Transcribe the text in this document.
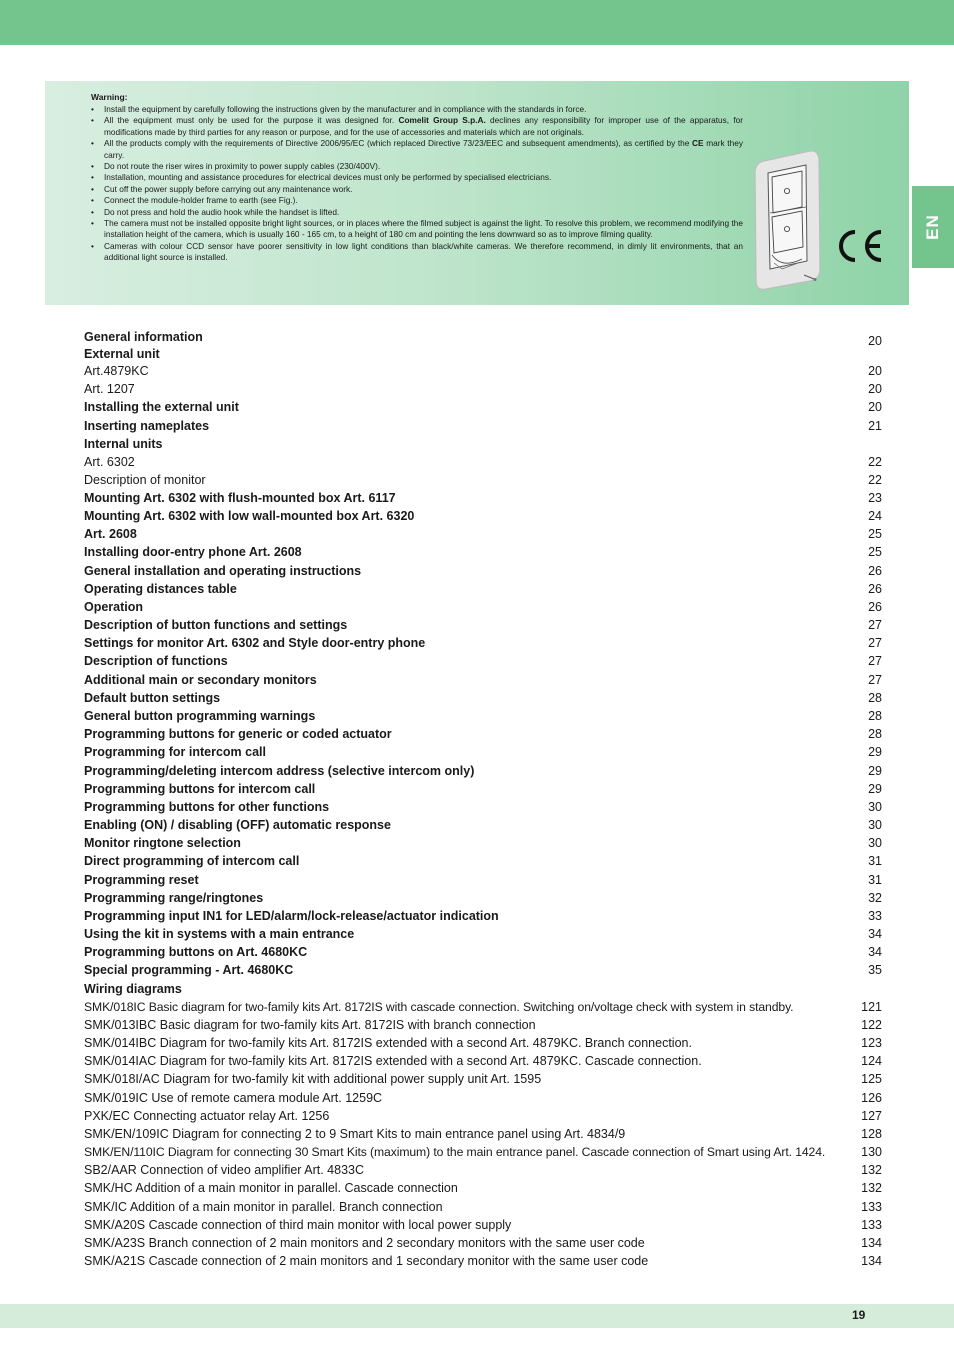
Warning:
• Install the equipment by carefully following the instructions given by the manufacturer and in compliance with the standards in force.
• All the equipment must only be used for the purpose it was designed for. Comelit Group S.p.A. declines any responsibility for improper use of the apparatus, for modifications made by third parties for any reason or purpose, and for the use of accessories and materials which are not originals.
• All the products comply with the requirements of Directive 2006/95/EC (which replaced Directive 73/23/EEC and subsequent amendments), as certified by the CE mark they carry.
• Do not route the riser wires in proximity to power supply cables (230/400V).
• Installation, mounting and assistance procedures for electrical devices must only be performed by specialised electricians.
• Cut off the power supply before carrying out any maintenance work.
• Connect the module-holder frame to earth (see Fig.).
• Do not press and hold the audio hook while the handset is lifted.
• The camera must not be installed opposite bright light sources, or in places where the filmed subject is against the light. To resolve this problem, we recommend modifying the installation height of the camera, which is usually 160 - 165 cm, to a height of 180 cm and pointing the lens downward so as to improve filming quality.
• Cameras with colour CCD sensor have poorer sensitivity in low light conditions than black/white cameras. We therefore recommend, in dimly lit environments, that an additional light source is installed.
EN
General information	20
External unit
Art.4879KC	20
Art. 1207	20
Installing the external unit	20
Inserting nameplates	21
Internal units
Art. 6302	22
Description of monitor	22
Mounting Art. 6302 with flush-mounted box Art. 6117	23
Mounting Art. 6302 with low wall-mounted box Art. 6320	24
Art. 2608	25
Installing door-entry phone Art. 2608	25
General installation and operating instructions	26
Operating distances table	26
Operation	26
Description of button functions and settings	27
Settings for monitor Art. 6302 and Style door-entry phone	27
Description of functions	27
Additional main or secondary monitors	27
Default button settings	28
General button programming warnings	28
Programming buttons for generic or coded actuator	28
Programming for intercom call	29
Programming/deleting intercom address (selective intercom only)	29
Programming buttons for intercom call	29
Programming buttons for other functions	30
Enabling (ON) / disabling (OFF) automatic response	30
Monitor ringtone selection	30
Direct programming of intercom call	31
Programming reset	31
Programming range/ringtones	32
Programming input IN1 for LED/alarm/lock-release/actuator indication	33
Using the kit in systems with a main entrance	34
Programming buttons on Art. 4680KC	34
Special programming - Art. 4680KC	35
Wiring diagrams
SMK/018IC Basic diagram for two-family kits Art. 8172IS with cascade connection. Switching on/voltage check with system in standby.	121
SMK/013IBC Basic diagram for two-family kits Art. 8172IS with branch connection	122
SMK/014IBC Diagram for two-family kits Art. 8172IS extended with a second Art. 4879KC. Branch connection.	123
SMK/014IAC Diagram for two-family kits Art. 8172IS extended with a second Art. 4879KC. Cascade connection.	124
SMK/018I/AC Diagram for two-family kit with additional power supply unit Art. 1595	125
SMK/019IC Use of remote camera module Art. 1259C	126
PXK/EC Connecting actuator relay Art. 1256	127
SMK/EN/109IC Diagram for connecting 2 to 9 Smart Kits to main entrance panel using Art. 4834/9	128
SMK/EN/110IC Diagram for connecting 30 Smart Kits (maximum) to the main entrance panel. Cascade connection of Smart using Art. 1424.	130
SB2/AAR Connection of video amplifier Art. 4833C	132
SMK/HC Addition of a main monitor in parallel. Cascade connection	132
SMK/IC Addition of a main monitor in parallel. Branch connection	133
SMK/A20S Cascade connection of third main monitor with local power supply	133
SMK/A23S Branch connection of 2 main monitors and 2 secondary monitors with the same user code	134
SMK/A21S Cascade connection of 2 main monitors and 1 secondary monitor with the same user code	134
19
